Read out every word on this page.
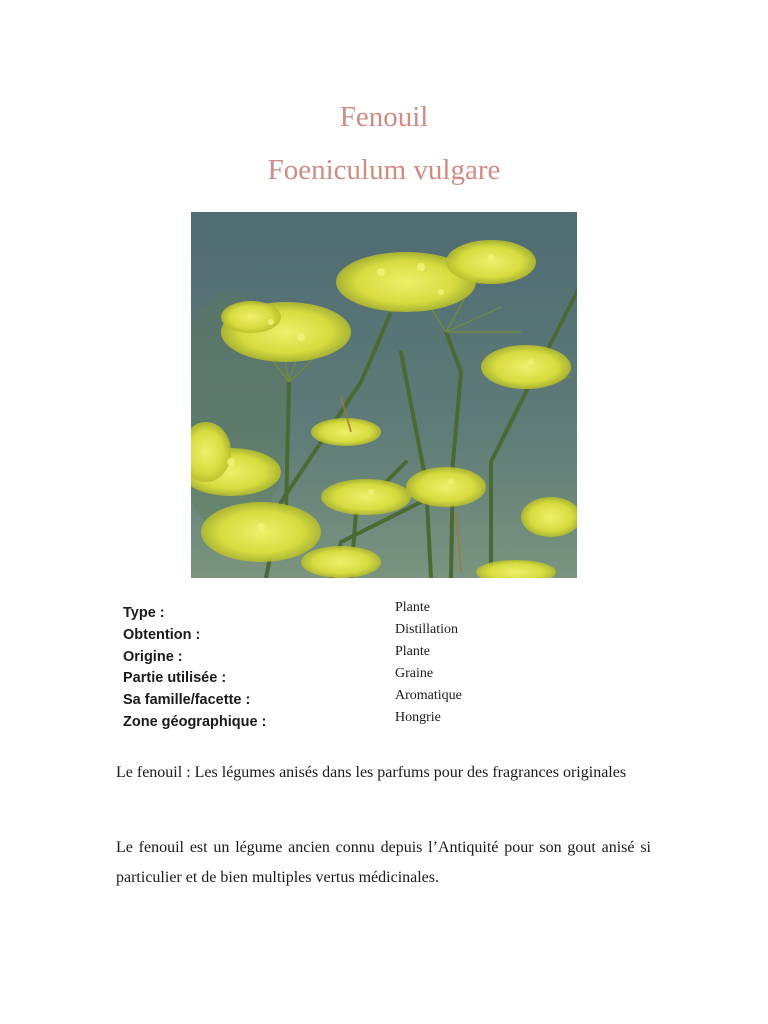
Fenouil
Foeniculum vulgare
Type :
Obtention :
Origine :
Partie utilisée :
Sa famille/facette :
Zone géographique :
Plante
Distillation
Plante
Graine
Aromatique
Hongrie

Le fenouil : Les légumes anisés dans les parfums pour des fragrances originales

Le fenouil est un légume ancien connu depuis l’Antiquité pour son gout anisé si particulier et de bien multiples vertus médicinales.
